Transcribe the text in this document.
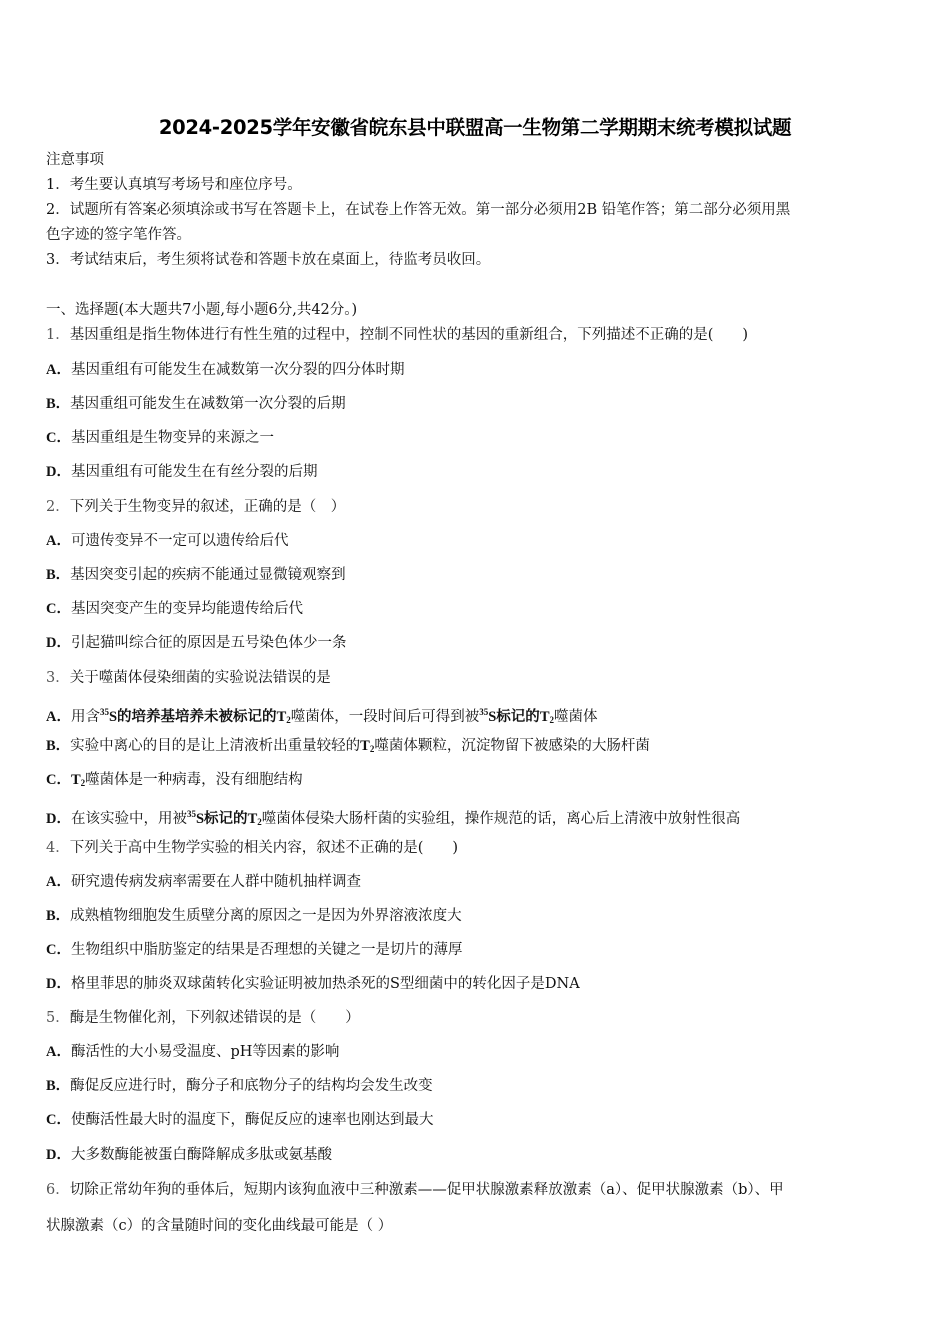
2024-2025学年安徽省皖东县中联盟高一生物第二学期期末统考模拟试题
注意事项
1．考生要认真填写考场号和座位序号。
2．试题所有答案必须填涂或书写在答题卡上，在试卷上作答无效。第一部分必须用2B 铅笔作答；第二部分必须用黑
色字迹的签字笔作答。
3．考试结束后，考生须将试卷和答题卡放在桌面上，待监考员收回。
一、选择题(本大题共7小题,每小题6分,共42分。)
1．基因重组是指生物体进行有性生殖的过程中，控制不同性状的基因的重新组合，下列描述不正确的是(　　)
A．基因重组有可能发生在减数第一次分裂的四分体时期
B．基因重组可能发生在减数第一次分裂的后期
C．基因重组是生物变异的来源之一
D．基因重组有可能发生在有丝分裂的后期
2．下列关于生物变异的叙述，正确的是（　）
A．可遗传变异不一定可以遗传给后代
B．基因突变引起的疾病不能通过显微镜观察到
C．基因突变产生的变异均能遗传给后代
D．引起猫叫综合征的原因是五号染色体少一条
3．关于噬菌体侵染细菌的实验说法错误的是
A．用含$^{35}$S的培养基培养未被标记的$T_2$噬菌体，一段时间后可得到被$^{35}$S标记的$T_2$噬菌体
B．实验中离心的目的是让上清液析出重量较轻的$T_2$噬菌体颗粒，沉淀物留下被感染的大肠杆菌
C．$T_2$噬菌体是一种病毒，没有细胞结构
D．在该实验中，用被$^{35}$S标记的$T_2$噬菌体侵染大肠杆菌的实验组，操作规范的话，离心后上清液中放射性很高
4．下列关于高中生物学实验的相关内容，叙述不正确的是(　　)
A．研究遗传病发病率需要在人群中随机抽样调查
B．成熟植物细胞发生质壁分离的原因之一是因为外界溶液浓度大
C．生物组织中脂肪鉴定的结果是否理想的关键之一是切片的薄厚
D．格里菲思的肺炎双球菌转化实验证明被加热杀死的S型细菌中的转化因子是DNA
5．酶是生物催化剂，下列叙述错误的是（　　）
A．酶活性的大小易受温度、pH等因素的影响
B．酶促反应进行时，酶分子和底物分子的结构均会发生改变
C．使酶活性最大时的温度下，酶促反应的速率也刚达到最大
D．大多数酶能被蛋白酶降解成多肽或氨基酸
6．切除正常幼年狗的垂体后，短期内该狗血液中三种激素——促甲状腺激素释放激素（a）、促甲状腺激素（b）、甲
状腺激素（c）的含量随时间的变化曲线最可能是（ ）
